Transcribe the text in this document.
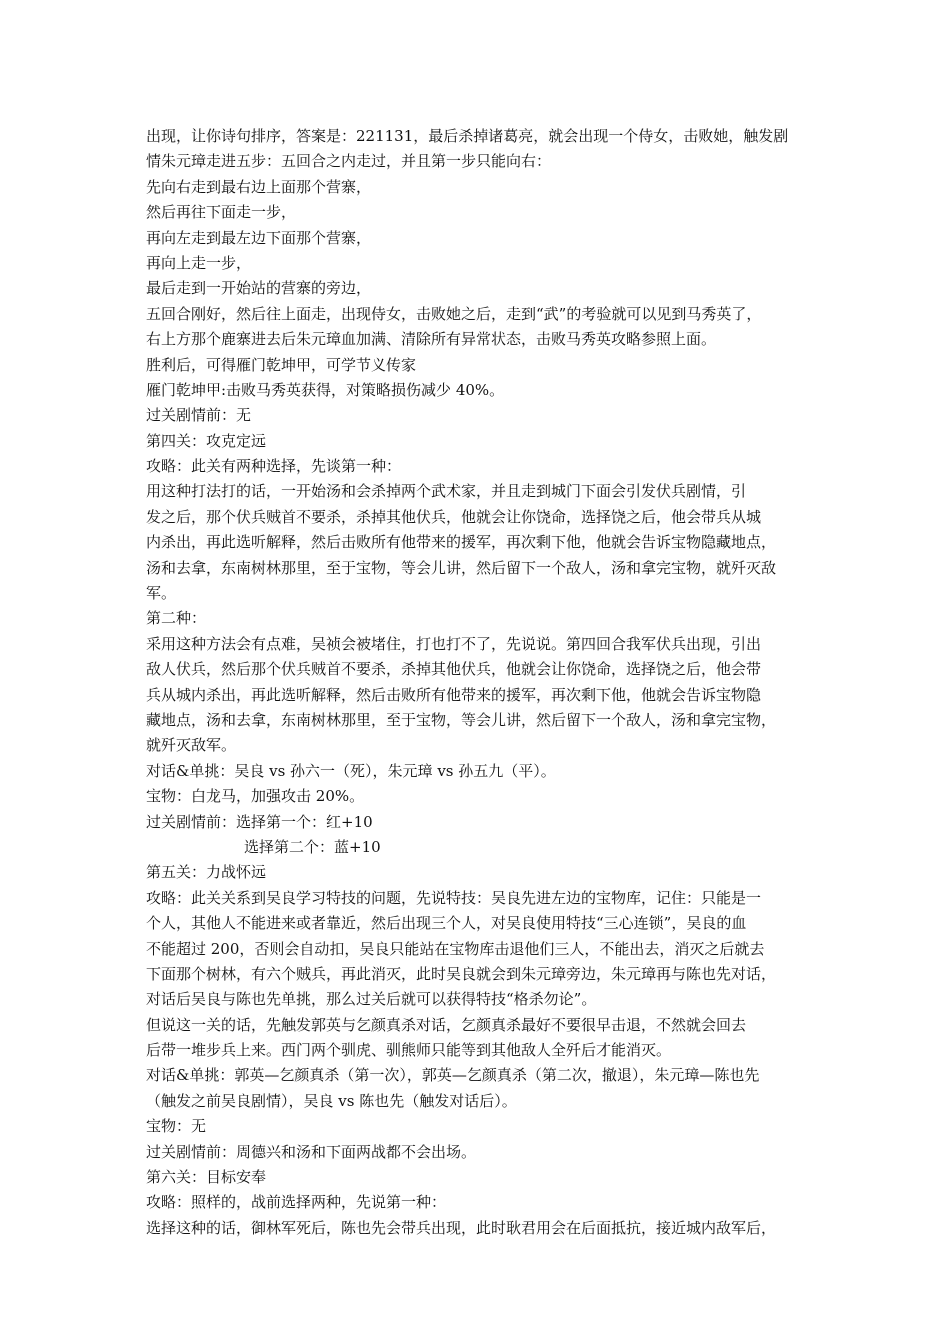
出现，让你诗句排序，答案是：221131，最后杀掉诸葛亮，就会出现一个侍女，击败她，触发剧
情朱元璋走进五步：五回合之内走过，并且第一步只能向右：
先向右走到最右边上面那个营寨，
然后再往下面走一步，
再向左走到最左边下面那个营寨，
再向上走一步，
最后走到一开始站的营寨的旁边，
五回合刚好，然后往上面走，出现侍女，击败她之后，走到“武”的考验就可以见到马秀英了，
右上方那个鹿寨进去后朱元璋血加满、清除所有异常状态，击败马秀英攻略参照上面。
胜利后，可得雁门乾坤甲，可学节义传家
雁门乾坤甲:击败马秀英获得，对策略损伤减少 40%。
过关剧情前：无
第四关：攻克定远
攻略：此关有两种选择，先谈第一种：
用这种打法打的话，一开始汤和会杀掉两个武术家，并且走到城门下面会引发伏兵剧情，引
发之后，那个伏兵贼首不要杀，杀掉其他伏兵，他就会让你饶命，选择饶之后，他会带兵从城
内杀出，再此选听解释，然后击败所有他带来的援军，再次剩下他，他就会告诉宝物隐藏地点，
汤和去拿，东南树林那里，至于宝物，等会儿讲，然后留下一个敌人，汤和拿完宝物，就歼灭敌
军。
第二种：
采用这种方法会有点难，吴祯会被堵住，打也打不了，先说说。第四回合我军伏兵出现，引出
敌人伏兵，然后那个伏兵贼首不要杀，杀掉其他伏兵，他就会让你饶命，选择饶之后，他会带
兵从城内杀出，再此选听解释，然后击败所有他带来的援军，再次剩下他，他就会告诉宝物隐
藏地点，汤和去拿，东南树林那里，至于宝物，等会儿讲，然后留下一个敌人，汤和拿完宝物，
就歼灭敌军。
对话&单挑：吴良 vs 孙六一（死），朱元璋 vs 孙五九（平）。
宝物：白龙马，加强攻击 20%。
过关剧情前：选择第一个：红+10
选择第二个：蓝+10
第五关：力战怀远
攻略：此关关系到吴良学习特技的问题，先说特技：吴良先进左边的宝物库，记住：只能是一
个人，其他人不能进来或者靠近，然后出现三个人，对吴良使用特技“三心连锁”，吴良的血
不能超过 200，否则会自动扣，吴良只能站在宝物库击退他们三人，不能出去，消灭之后就去
下面那个树林，有六个贼兵，再此消灭，此时吴良就会到朱元璋旁边，朱元璋再与陈也先对话，
对话后吴良与陈也先单挑，那么过关后就可以获得特技“格杀勿论”。
但说这一关的话，先触发郭英与乞颜真杀对话，乞颜真杀最好不要很早击退，不然就会回去
后带一堆步兵上来。西门两个驯虎、驯熊师只能等到其他敌人全歼后才能消灭。
对话&单挑：郭英—乞颜真杀（第一次），郭英—乞颜真杀（第二次，撤退），朱元璋—陈也先
（触发之前吴良剧情），吴良 vs 陈也先（触发对话后）。
宝物：无
过关剧情前：周德兴和汤和下面两战都不会出场。
第六关：目标安奉
攻略：照样的，战前选择两种，先说第一种：
选择这种的话，御林军死后，陈也先会带兵出现，此时耿君用会在后面抵抗，接近城内敌军后，
